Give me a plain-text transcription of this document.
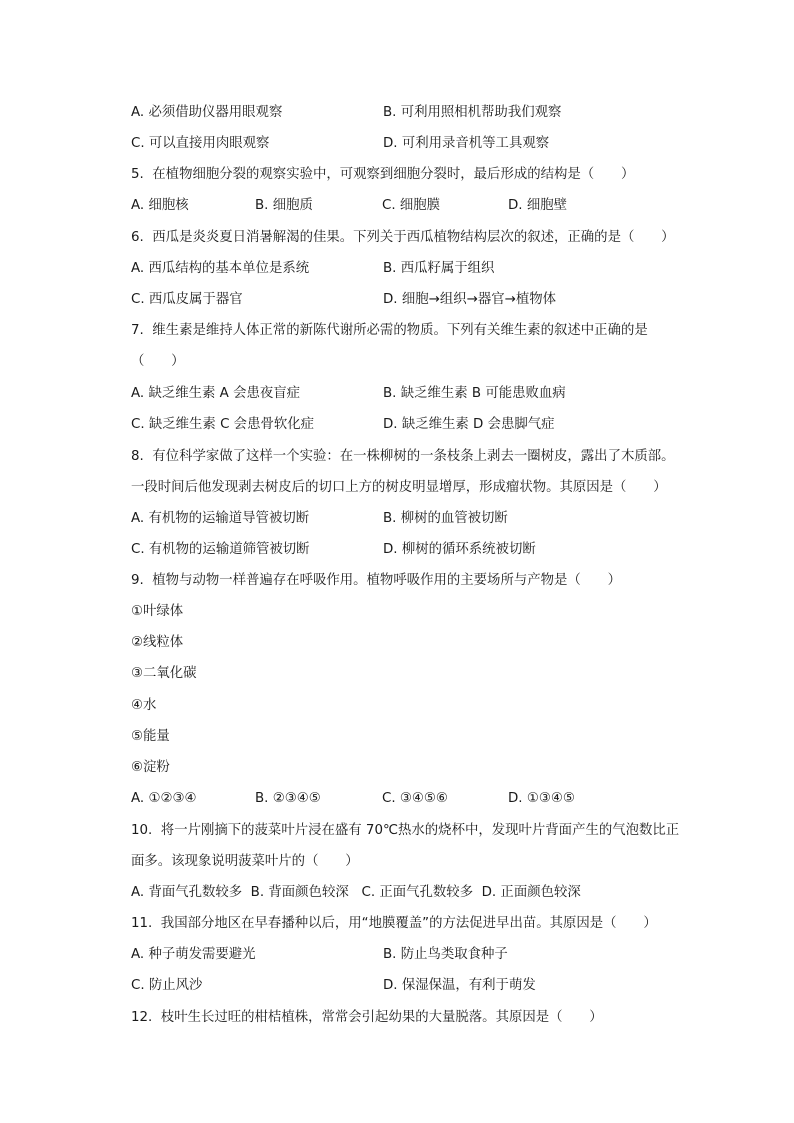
A. 必须借助仪器用眼观察	B. 可利用照相机帮助我们观察
C. 可以直接用肉眼观察	D. 可利用录音机等工具观察
5.  在植物细胞分裂的观察实验中，可观察到细胞分裂时，最后形成的结构是（　　）
A. 细胞核	B. 细胞质	C. 细胞膜	D. 细胞壁
6.  西瓜是炎炎夏日消暑解渴的佳果。下列关于西瓜植物结构层次的叙述，正确的是（　　）
A. 西瓜结构的基本单位是系统	B. 西瓜籽属于组织
C. 西瓜皮属于器官	D. 细胞→组织→器官→植物体
7.  维生素是维持人体正常的新陈代谢所必需的物质。下列有关维生素的叙述中正确的是
（　　）
A. 缺乏维生素 A 会患夜盲症	B. 缺乏维生素 B 可能患败血病
C. 缺乏维生素 C 会患骨软化症	D. 缺乏维生素 D 会患脚气症
8.  有位科学家做了这样一个实验：在一株柳树的一条枝条上剥去一圈树皮，露出了木质部。
一段时间后他发现剥去树皮后的切口上方的树皮明显增厚，形成瘤状物。其原因是（　　）
A. 有机物的运输道导管被切断	B. 柳树的血管被切断
C. 有机物的运输道筛管被切断	D. 柳树的循环系统被切断
9.  植物与动物一样普遍存在呼吸作用。植物呼吸作用的主要场所与产物是（　　）
①叶绿体
②线粒体
③二氧化碳
④水
⑤能量
⑥淀粉
A. ①②③④	B. ②③④⑤	C. ③④⑤⑥	D. ①③④⑤
10.  将一片刚摘下的菠菜叶片浸在盛有 70℃热水的烧杯中，发现叶片背面产生的气泡数比正
面多。该现象说明菠菜叶片的（　　）
A. 背面气孔数较多  B. 背面颜色较深   C. 正面气孔数较多  D. 正面颜色较深
11.  我国部分地区在早春播种以后，用“地膜覆盖”的方法促进早出苗。其原因是（　　）
A. 种子萌发需要避光	B. 防止鸟类取食种子
C. 防止风沙	D. 保湿保温，有利于萌发
12.  枝叶生长过旺的柑桔植株，常常会引起幼果的大量脱落。其原因是（　　）
